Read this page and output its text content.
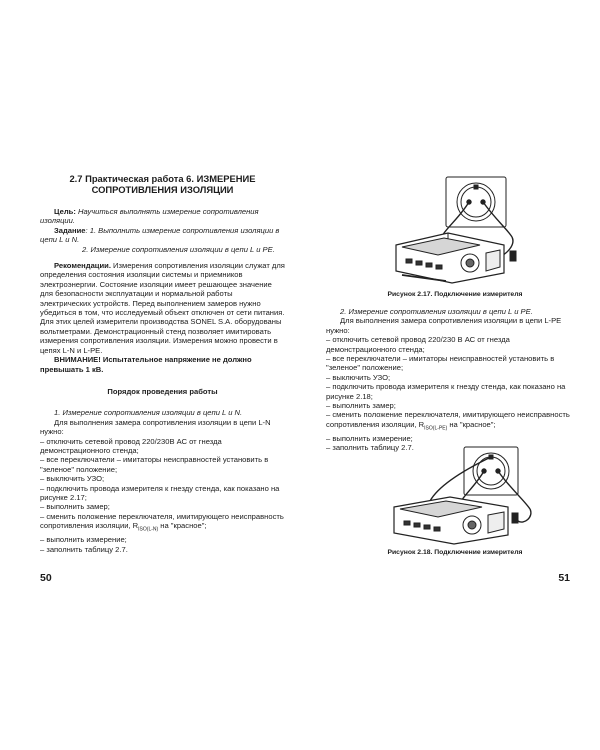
2.7 Практическая работа 6. ИЗМЕРЕНИЕ
СОПРОТИВЛЕНИЯ ИЗОЛЯЦИИ

Цель: Научиться выполнять измерение сопротивления изоляции.

Задание: 1. Выполнить измерение сопротивления изоляции в цепи L и N.

2. Измерение сопротивления изоляции в цепи L и PE.

Рекомендации. Измерения сопротивления изоляции служат для определения состояния изоляции системы и приемников электроэнергии. Состояние изоляции имеет решающее значение для безопасности эксплуатации и нормальной работы электрических устройств. Перед выполнением замеров нужно убедиться в том, что исследуемый объект отключен от сети питания. Для этих целей измерители производства SONEL S.A. оборудованы вольтметрами. Демонстрационный стенд позволяет имитировать измерения сопротивления изоляции. Измерения можно провести в цепях L-N и L-PE.

ВНИМАНИЕ! Испытательное напряжение не должно превышать 1 кВ.

Порядок проведения работы

1. Измерение сопротивления изоляции в цепи L и N.

Для выполнения замера сопротивления изоляции в цепи L-N нужно:

– отключить сетевой провод 220/230В АС от гнезда демонстрационного стенда;

– все переключатели – имитаторы неисправностей установить в "зеленое" положение;

– выключить УЗО;

– подключить провода измерителя к гнезду стенда, как показано на рисунке 2.17;

– выполнить замер;

– сменить положение переключателя, имитирующего неисправность сопротивления изоляции, $R_{ISO(L-N)}$ на "красное";

– выполнить измерение;

– заполнить таблицу 2.7.

50
Рисунок 2.17. Подключение измерителя

2. Измерение сопротивления изоляции в цепи L и PE.

Для выполнения замера сопротивления изоляции в цепи L-PE нужно:

– отключить сетевой провод 220/230 В АС от гнезда демонстрационного стенда;

– все переключатели – имитаторы неисправностей установить в "зеленое" положение;

– выключить УЗО;

– подключить провода измерителя к гнезду стенда, как показано на рисунке 2.18;

– выполнить замер;

– сменить положение переключателя, имитирующего неисправность сопротивления изоляции, $R_{ISO(L-PE)}$ на "красное";

– выполнить измерение;

– заполнить таблицу 2.7.

Рисунок 2.18. Подключение измерителя
51
